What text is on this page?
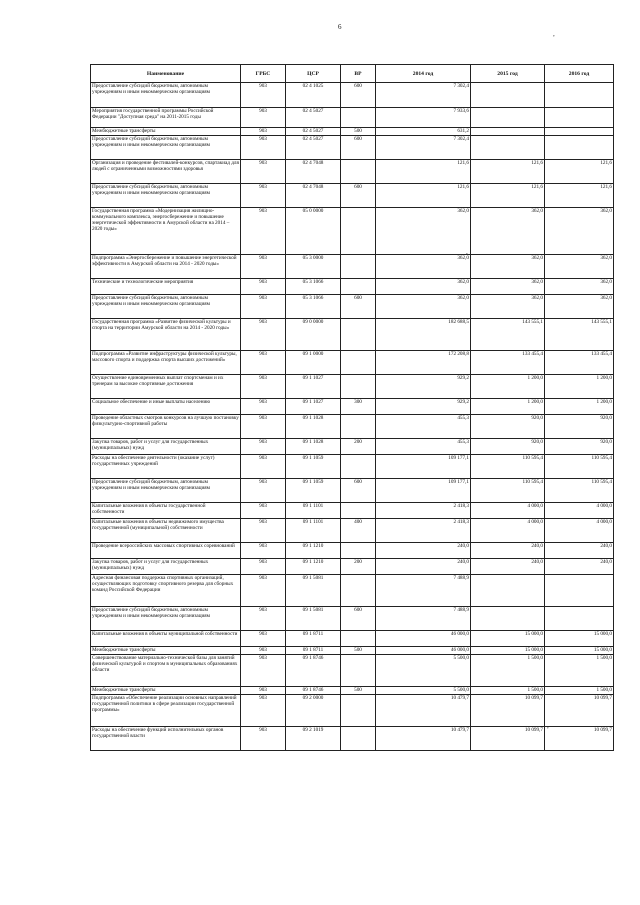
6
,
,
,
Наименование	ГРБС	ЦСР	ВР	2014 год	2015 год	2016 год
Предоставление субсидий бюджетным, автономным учреждениям и иным некоммерческим организациям	903	02 4 1025	600	7 302,4		
Мероприятия государственной программы Российской Федерации "Доступная среда" на 2011-2015 годы	903	02 4 5027		7 933,6		
Межбюджетные трансферты	903	02 4 5027	500	631,2		
Предоставление субсидий бюджетным, автономным учреждениям и иным некоммерческим организациям	903	02 4 5027	600	7 302,4		
Организация и проведение фестивалей-конкурсов, спартакиад для людей с ограниченными возможностями здоровья	903	02 4 7048		121,6	121,6	121,6
Предоставление субсидий бюджетным, автономным учреждениям и иным некоммерческим организациям	903	02 4 7048	600	121,6	121,6	121,6
Государственная программа «Модернизация жилищно-коммунального комплекса, энергосбережение и повышение энергетической эффективности в Амурской области на 2014 – 2020 годы»	903	05 0 0000		362,0	362,0	362,0
Подпрограмма «Энергосбережение и повышение энергетической эффективности в Амурской области на 2014 - 2020 годы»	903	05 3 0000		362,0	362,0	362,0
Технические и технологические мероприятия	903	05 3 1066		362,0	362,0	362,0
Предоставление субсидий бюджетным, автономным учреждениям и иным некоммерческим организациям	903	05 3 1066	600	362,0	362,0	362,0
Государственная программа «Развитие физической культуры и спорта на территории Амурской области на 2014 - 2020 годы»	903	09 0 0000		182 688,5	143 555,1	143 555,1
Подпрограмма «Развитие инфраструктуры физической культуры, массового спорта и поддержка спорта высших достижений»	903	09 1 0000		172 208,8	133 455,4	133 455,4
Осуществление единовременных выплат спортсменам и их тренерам за высокие спортивные достижения	903	09 1 1027		929,2	1 200,0	1 200,0
Социальное обеспечение и иные выплаты населению	903	09 1 1027	300	929,2	1 200,0	1 200,0
Проведение областных смотров конкурсов на лучшую постановку физкультурно-спортивной работы	903	09 1 1028		455,3	920,0	920,0
Закупка товаров, работ и услуг для государственных (муниципальных) нужд	903	09 1 1028	200	455,3	920,0	920,0
Расходы на обеспечение деятельности (оказание услуг) государственных учреждений	903	09 1 1059		109 177,1	110 595,4	110 595,4
Предоставление субсидий бюджетным, автономным учреждениям и иным некоммерческим организациям	903	09 1 1059	600	109 177,1	110 595,4	110 595,4
Капитальные вложения в объекты государственной собственности	903	09 1 1101		2 418,3	4 000,0	4 000,0
Капитальные вложения в объекты недвижимого имущества государственной (муниципальной) собственности	903	09 1 1101	400	2 418,3	4 000,0	4 000,0
Проведение всероссийских массовых спортивных соревнований	903	09 1 1210		240,0	240,0	240,0
Закупка товаров, работ и услуг для государственных (муниципальных) нужд	903	09 1 1210	200	240,0	240,0	240,0
Адресная финансовая поддержка спортивных организаций, осуществляющих подготовку спортивного резерва для сборных команд Российской Федерации	903	09 1 5081		7 488,9		
Предоставление субсидий бюджетным, автономным учреждениям и иным некоммерческим организациям	903	09 1 5081	600	7 488,9		
Капитальные вложения в объекты муниципальной собственности	903	09 1 8711		46 000,0	15 000,0	15 000,0
Межбюджетные трансферты	903	09 1 8711	500	46 000,0	15 000,0	15 000,0
Совершенствование материально-технической базы для занятий физической культурой и спортом в муниципальных образованиях области	903	09 1 8746		5 500,0	1 500,0	1 500,0
Межбюджетные трансферты	903	09 1 8746	500	5 500,0	1 500,0	1 500,0
Подпрограмма «Обеспечение реализации основных направлений государственной политики в сфере реализации государственной программы»	903	09 2 0000		10 479,7	10 099,7	10 099,7
Расходы на обеспечение функций исполнительных органов государственной власти	903	09 2 1019		10 479,7	10 099,7	10 099,7
